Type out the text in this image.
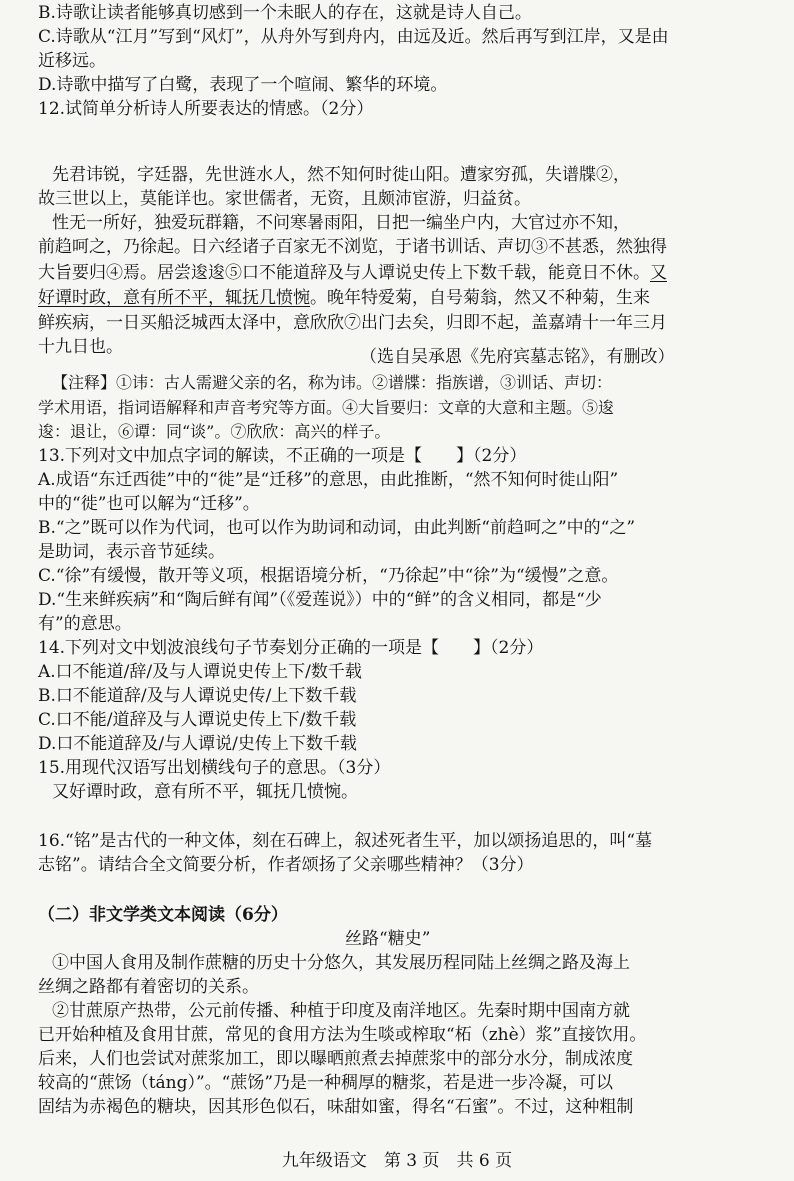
B.诗歌让读者能够真切感到一个未眠人的存在，这就是诗人自己。
C.诗歌从“江月”写到“风灯”，从舟外写到舟内，由远及近。然后再写到江岸，又是由
近移远。
D.诗歌中描写了白鹭，表现了一个喧闹、繁华的环境。
12.试简单分析诗人所要表达的情感。（2分）
先君讳锐，字廷器，先世涟水人，然不知何时徙山阳。遭家穷孤，失谱牒②，
故三世以上，莫能详也。家世儒者，无资，且颇沛宦游，归益贫。
性无一所好，独爱玩群籍，不问寒暑雨阳，日把一编坐户内，大官过亦不知，
前趋呵之，乃徐起。日六经诸子百家无不浏览，于诸书训话、声切③不甚悉，然独得
大旨要归④焉。居尝逡逡⑤口不能道辞及与人谭说史传上下数千载，能竟日不休。又
好谭时政，意有所不平，辄抚几愤惋。晚年特爱菊，自号菊翁，然又不种菊，生来
鲜疾病，一日买船泛城西太泽中，意欣欣⑦出门去矣，归即不起，盖嘉靖十一年三月
十九日也。	（选自吴承恩《先府宾墓志铭》，有删改）
【注释】①讳：古人需避父亲的名，称为讳。②谱牒：指族谱，③训话、声切：
学术用语，指词语解释和声音考究等方面。④大旨要归：文章的大意和主题。⑤逡
逡：退让，⑥谭：同“谈”。⑦欣欣：高兴的样子。
13.下列对文中加点字词的解读，不正确的一项是【　　】（2分）
A.成语“东迁西徙”中的“徙”是“迁移”的意思，由此推断，“然不知何时徙山阳”
中的“徙”也可以解为“迁移”。
B.“之”既可以作为代词，也可以作为助词和动词，由此判断“前趋呵之”中的“之”
是助词，表示音节延续。
C.“徐”有缓慢，散开等义项，根据语境分析，“乃徐起”中“徐”为“缓慢”之意。
D.“生来鲜疾病”和“陶后鲜有闻”（《爱莲说》）中的“鲜”的含义相同，都是“少
有”的意思。
14.下列对文中划波浪线句子节奏划分正确的一项是【　　】（2分）
A.口不能道/辞/及与人谭说史传上下/数千载
B.口不能道辞/及与人谭说史传/上下数千载
C.口不能/道辞及与人谭说史传上下/数千载
D.口不能道辞及/与人谭说/史传上下数千载
15.用现代汉语写出划横线句子的意思。（3分）
又好谭时政，意有所不平，辄抚几愤惋。
16.“铭”是古代的一种文体，刻在石碑上，叙述死者生平，加以颂扬追思的，叫“墓
志铭”。请结合全文简要分析，作者颂扬了父亲哪些精神？（3分）
（二）非文学类文本阅读（6分）
丝路“糖史”
①中国人食用及制作蔗糖的历史十分悠久，其发展历程同陆上丝绸之路及海上
丝绸之路都有着密切的关系。
②甘蔗原产热带，公元前传播、种植于印度及南洋地区。先秦时期中国南方就
已开始种植及食用甘蔗，常见的食用方法为生啖或榨取“柘（zhè）浆”直接饮用。
后来，人们也尝试对蔗浆加工，即以曝晒煎煮去掉蔗浆中的部分水分，制成浓度
较高的“蔗饧（táng）”。“蔗饧”乃是一种稠厚的糖浆，若是进一步冷凝，可以
固结为赤褐色的糖块，因其形色似石，味甜如蜜，得名“石蜜”。不过，这种粗制
九年级语文　第 3 页　共 6 页
